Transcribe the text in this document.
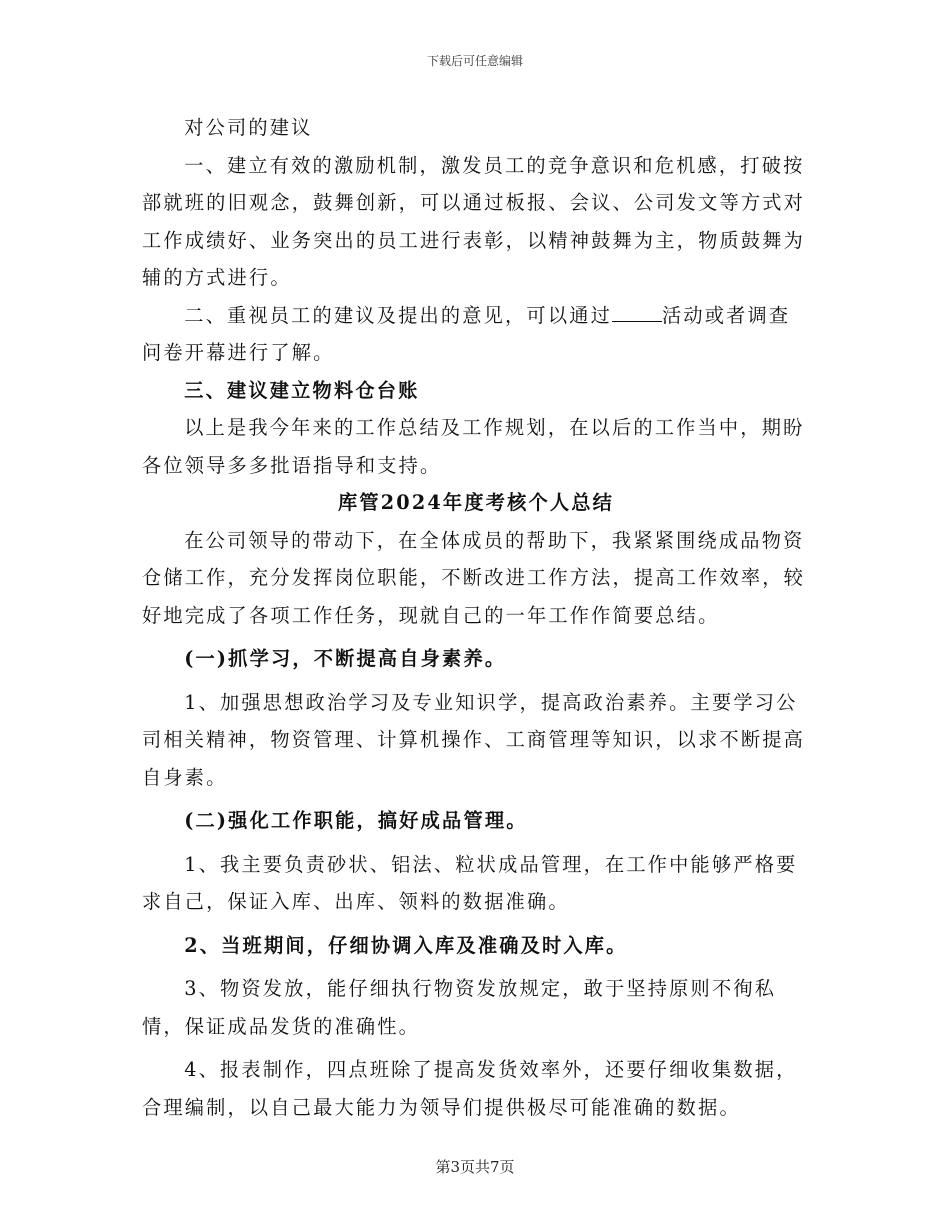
下载后可任意编辑

对公司的建议

一、建立有效的激励机制，激发员工的竞争意识和危机感，打破按部就班的旧观念，鼓舞创新，可以通过板报、会议、公司发文等方式对工作成绩好、业务突出的员工进行表彰，以精神鼓舞为主，物质鼓舞为辅的方式进行。

二、重视员工的建议及提出的意见，可以通过	活动或者调查问卷开幕进行了解。

三、建议建立物料仓台账

以上是我今年来的工作总结及工作规划，在以后的工作当中，期盼各位领导多多批语指导和支持。

库管2024年度考核个人总结

在公司领导的带动下，在全体成员的帮助下，我紧紧围绕成品物资仓储工作，充分发挥岗位职能，不断改进工作方法，提高工作效率，较好地完成了各项工作任务，现就自己的一年工作作简要总结。

(一)抓学习，不断提高自身素养。

1、加强思想政治学习及专业知识学，提高政治素养。主要学习公司相关精神，物资管理、计算机操作、工商管理等知识，以求不断提高自身素。

(二)强化工作职能，搞好成品管理。

1、我主要负责砂状、铝法、粒状成品管理，在工作中能够严格要求自己，保证入库、出库、领料的数据准确。

2、当班期间，仔细协调入库及准确及时入库。

3、物资发放，能仔细执行物资发放规定，敢于坚持原则不徇私情，保证成品发货的准确性。

4、报表制作，四点班除了提高发货效率外，还要仔细收集数据，合理编制，以自己最大能力为领导们提供极尽可能准确的数据。

第3页共7页
